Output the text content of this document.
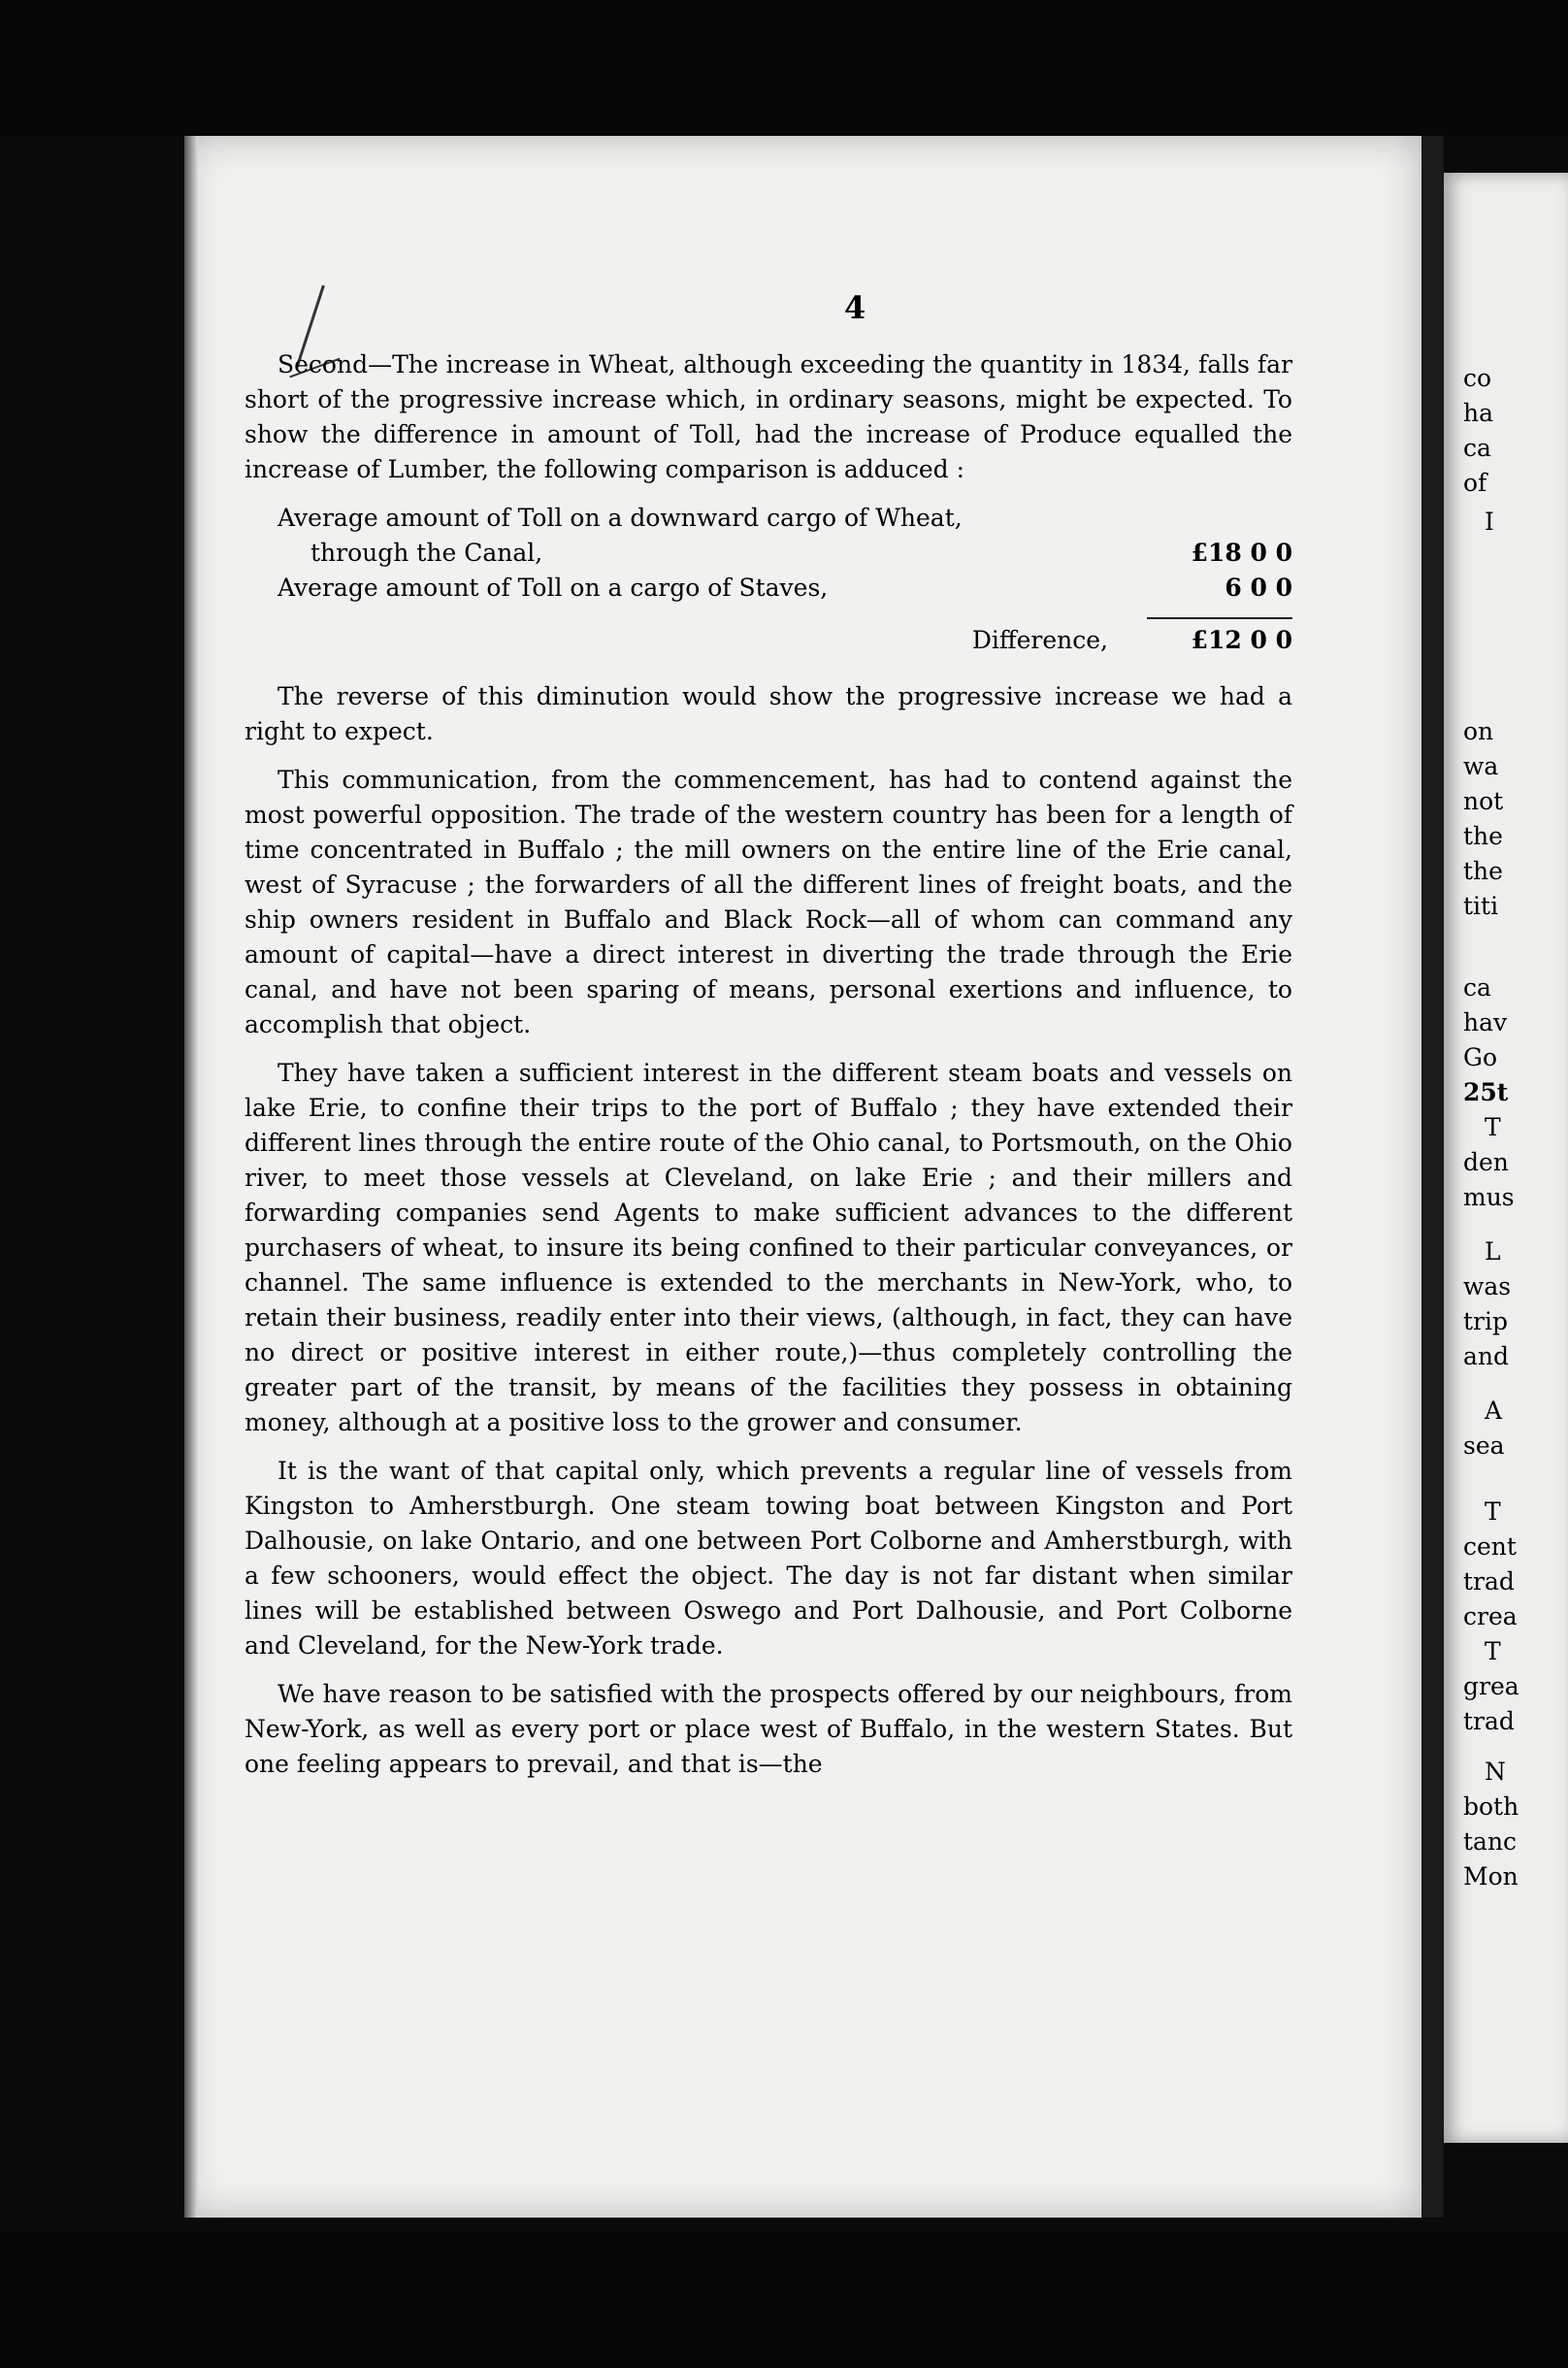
4

Second—The increase in Wheat, although exceeding the quantity in 1834, falls far short of the progressive increase which, in ordinary seasons, might be expected. To show the difference in amount of Toll, had the increase of Produce equalled the increase of Lumber, the following comparison is adduced :

Average amount of Toll on a downward cargo of Wheat,
through the Canal,	£18 0 0
Average amount of Toll on a cargo of Staves,	6 0 0
Difference,	£12 0 0

The reverse of this diminution would show the progressive increase we had a right to expect.

This communication, from the commencement, has had to contend against the most powerful opposition. The trade of the western country has been for a length of time concentrated in Buffalo ; the mill owners on the entire line of the Erie canal, west of Syracuse ; the forwarders of all the different lines of freight boats, and the ship owners resident in Buffalo and Black Rock—all of whom can command any amount of capital—have a direct interest in diverting the trade through the Erie canal, and have not been sparing of means, personal exertions and influence, to accomplish that object.

They have taken a sufficient interest in the different steam boats and vessels on lake Erie, to confine their trips to the port of Buffalo ; they have extended their different lines through the entire route of the Ohio canal, to Portsmouth, on the Ohio river, to meet those vessels at Cleveland, on lake Erie ; and their millers and forwarding companies send Agents to make sufficient advances to the different purchasers of wheat, to insure its being confined to their particular conveyances, or channel. The same influence is extended to the merchants in New-York, who, to retain their business, readily enter into their views, (although, in fact, they can have no direct or positive interest in either route,)—thus completely controlling the greater part of the transit, by means of the facilities they possess in obtaining money, although at a positive loss to the grower and consumer.

It is the want of that capital only, which prevents a regular line of vessels from Kingston to Amherstburgh. One steam towing boat between Kingston and Port Dalhousie, on lake Ontario, and one between Port Colborne and Amherstburgh, with a few schooners, would effect the object. The day is not far distant when similar lines will be established between Oswego and Port Dalhousie, and Port Colborne and Cleveland, for the New-York trade.

We have reason to be satisfied with the prospects offered by our neighbours, from New-York, as well as every port or place west of Buffalo, in the western States. But one feeling appears to prevail, and that is—the

co
ha
ca
of
I
on
wa
not
the
the
titi
ca
hav
Go
25t
T
den
mus
L
was
trip
and
A
sea
T
cent
trad
crea
T
grea
trad
N
both
tanc
Mon
